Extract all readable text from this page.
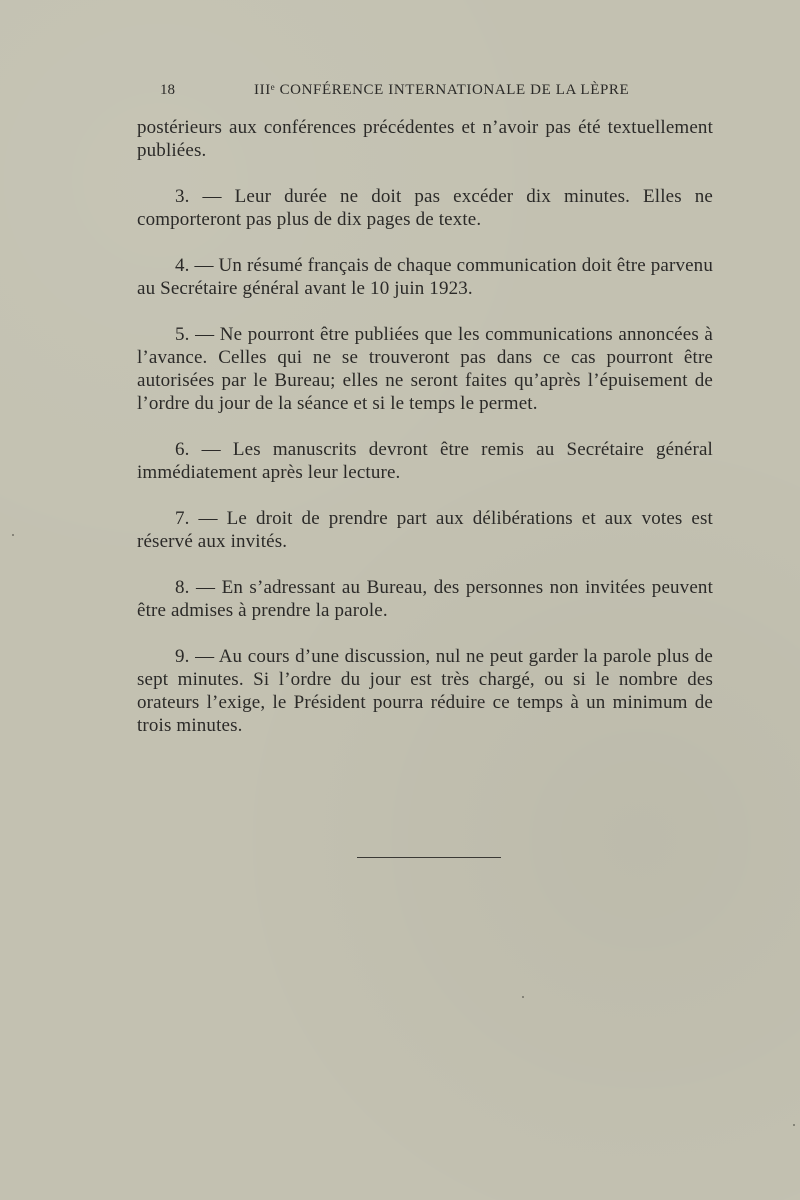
18	IIIᵉ CONFÉRENCE INTERNATIONALE DE LA LÈPRE

postérieurs aux conférences précédentes et n’avoir pas été textuellement publiées.

3. — Leur durée ne doit pas excéder dix minutes. Elles ne comporteront pas plus de dix pages de texte.

4. — Un résumé français de chaque communication doit être parvenu au Secrétaire général avant le 10 juin 1923.

5. — Ne pourront être publiées que les communications annoncées à l’avance. Celles qui ne se trouveront pas dans ce cas pourront être autorisées par le Bureau; elles ne seront faites qu’après l’épuisement de l’ordre du jour de la séance et si le temps le permet.

6. — Les manuscrits devront être remis au Secrétaire général immédiatement après leur lecture.

7. — Le droit de prendre part aux délibérations et aux votes est réservé aux invités.

8. — En s’adressant au Bureau, des personnes non invitées peuvent être admises à prendre la parole.

9. — Au cours d’une discussion, nul ne peut garder la parole plus de sept minutes. Si l’ordre du jour est très chargé, ou si le nombre des orateurs l’exige, le Président pourra réduire ce temps à un minimum de trois minutes.
